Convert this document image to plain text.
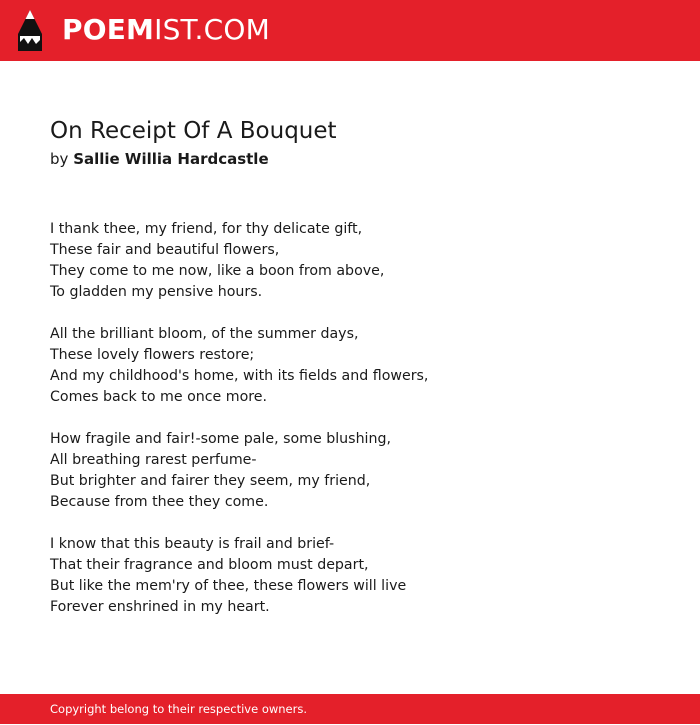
POEMIST.COM
On Receipt Of A Bouquet
by Sallie Willia Hardcastle
I thank thee, my friend, for thy delicate gift,
These fair and beautiful flowers,
They come to me now, like a boon from above,
To gladden my pensive hours.
All the brilliant bloom, of the summer days,
These lovely flowers restore;
And my childhood's home, with its fields and flowers,
Comes back to me once more.
How fragile and fair!-some pale, some blushing,
All breathing rarest perfume-
But brighter and fairer they seem, my friend,
Because from thee they come.
I know that this beauty is frail and brief-
That their fragrance and bloom must depart,
But like the mem'ry of thee, these flowers will live
Forever enshrined in my heart.
Copyright belong to their respective owners.
